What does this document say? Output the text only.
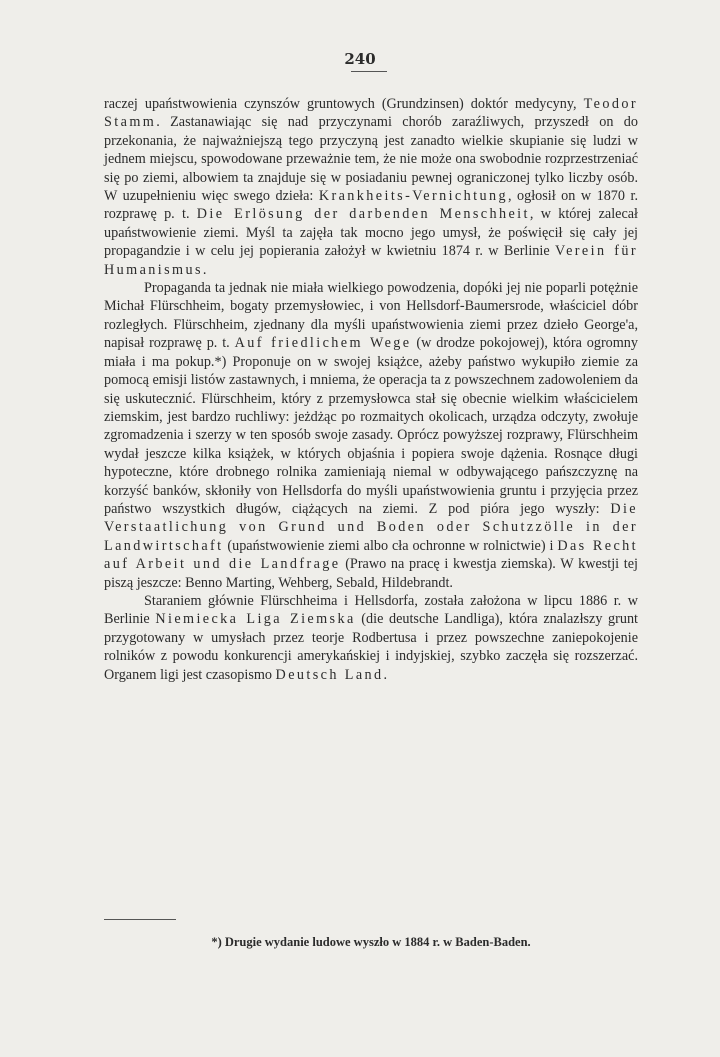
240

raczej upaństwowienia czynszów gruntowych (Grundzinsen) doktór medycyny, Teodor Stamm. Zastanawiając się nad przyczynami chorób zaraźliwych, przyszedł on do przekonania, że najważniejszą tego przyczyną jest zanadto wielkie skupianie się ludzi w jednem miejscu, spowodowane przeważnie tem, że nie może ona swobodnie rozprzestrzeniać się po ziemi, albowiem ta znajduje się w posiadaniu pewnej ograniczonej tylko liczby osób. W uzupełnieniu więc swego dzieła: Krankheits-Vernichtung, ogłosił on w 1870 r. rozprawę p. t. Die Erlösung der darbenden Menschheit, w której zalecał upaństwowienie ziemi. Myśl ta zajęła tak mocno jego umysł, że poświęcił się cały jej propagandzie i w celu jej popierania założył w kwietniu 1874 r. w Berlinie Verein für Humanismus.

Propaganda ta jednak nie miała wielkiego powodzenia, dopóki jej nie poparli potężnie Michał Flürschheim, bogaty przemysłowiec, i von Hellsdorf-Baumersrode, właściciel dóbr rozległych. Flürschheim, zjednany dla myśli upaństwowienia ziemi przez dzieło George'a, napisał rozprawę p. t. Auf friedlichem Wege (w drodze pokojowej), która ogromny miała i ma pokup.*) Proponuje on w swojej książce, ażeby państwo wykupiło ziemie za pomocą emisji listów zastawnych, i mniema, że operacja ta z powszechnem zadowoleniem da się uskutecznić. Flürschheim, który z przemysłowca stał się obecnie wielkim właścicielem ziemskim, jest bardzo ruchliwy: jeżdżąc po rozmaitych okolicach, urządza odczyty, zwołuje zgromadzenia i szerzy w ten sposób swoje zasady. Oprócz powyższej rozprawy, Flürschheim wydał jeszcze kilka książek, w których objaśnia i popiera swoje dążenia. Rosnące długi hypoteczne, które drobnego rolnika zamieniają niemal w odbywającego pańszczyznę na korzyść banków, skłoniły von Hellsdorfa do myśli upaństwowienia gruntu i przyjęcia przez państwo wszystkich długów, ciążących na ziemi. Z pod pióra jego wyszły: Die Verstaatlichung von Grund und Boden oder Schutzzölle in der Landwirtschaft (upaństwowienie ziemi albo cła ochronne w rolnictwie) i Das Recht auf Arbeit und die Landfrage (Prawo na pracę i kwestja ziemska). W kwestji tej piszą jeszcze: Benno Marting, Wehberg, Sebald, Hildebrandt.

Staraniem głównie Flürschheima i Hellsdorfa, została założona w lipcu 1886 r. w Berlinie Niemiecka Liga Ziemska (die deutsche Landliga), która znalazłszy grunt przygotowany w umysłach przez teorje Rodbertusa i przez powszechne zaniepokojenie rolników z powodu konkurencji amerykańskiej i indyjskiej, szybko zaczęła się rozszerzać. Organem ligi jest czasopismo Deutsch Land.

*) Drugie wydanie ludowe wyszło w 1884 r. w Baden-Baden.
